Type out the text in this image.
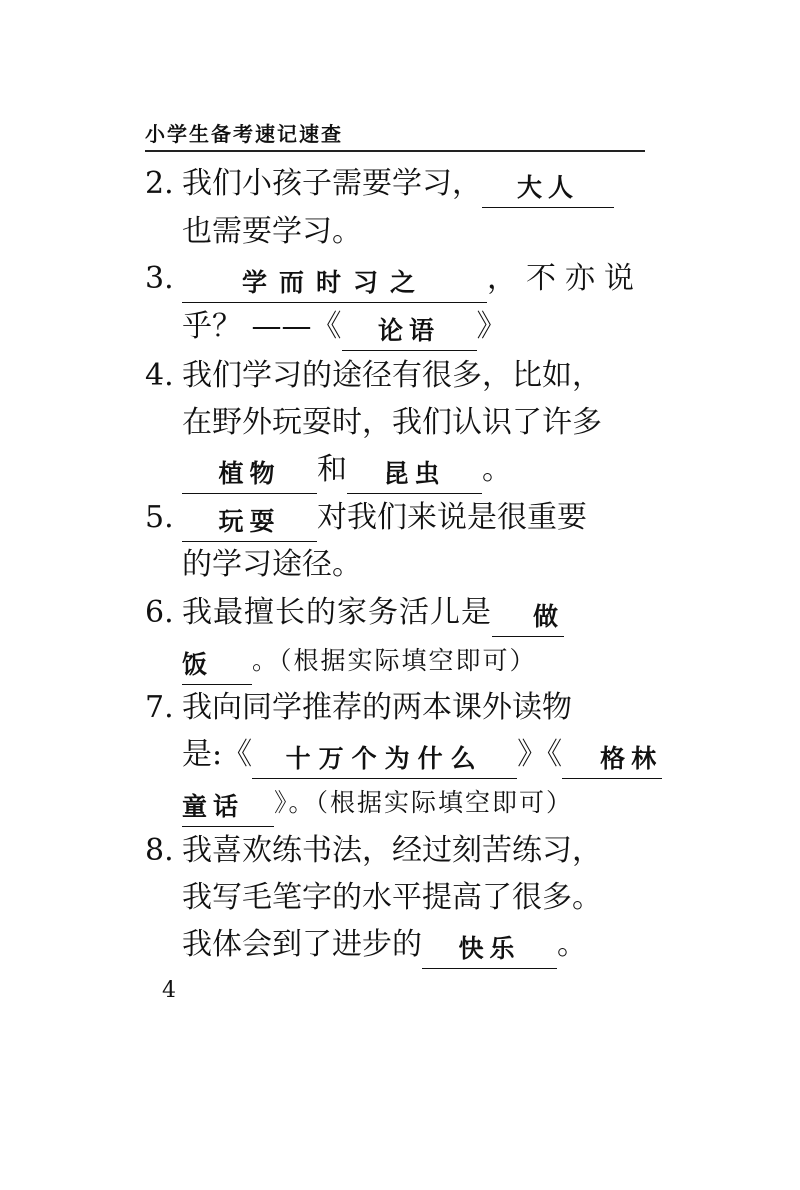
小学生备考速记速查
2. 我们小孩子需要学习， 大人
也需要学习。
3.	学而时习之 ，不亦说
乎？ ——《 论语 》
4. 我们学习的途径有很多，比如，
在野外玩耍时，我们认识了许多
植物 和 昆虫 。
5. 玩耍 对我们来说是很重要
的学习途径。
6. 我最擅长的家务活儿是 做
饭 。（根据实际填空即可）
7. 我向同学推荐的两本课外读物
是:《 十万个为什么 》《 格林
童话 》。（根据实际填空即可）
8. 我喜欢练书法，经过刻苦练习，
我写毛笔字的水平提高了很多。
我体会到了进步的 快乐 。
4
